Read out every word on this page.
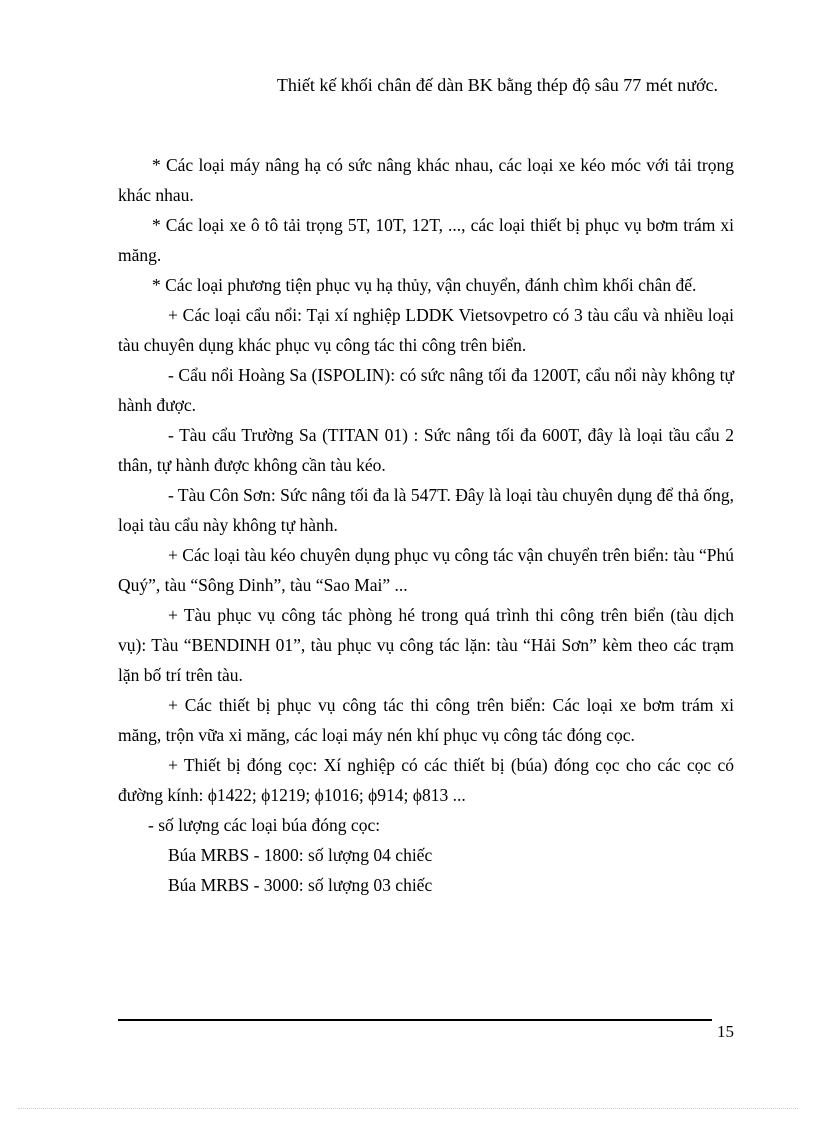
Thiết kế khối chân đế dàn BK bằng thép độ sâu 77 mét nước.

* Các loại máy nâng hạ có sức nâng khác nhau, các loại xe kéo móc với tải trọng khác nhau.

* Các loại xe ô tô tải trọng 5T, 10T, 12T, ..., các loại thiết bị phục vụ bơm trám xi măng.

* Các loại phương tiện phục vụ hạ thủy, vận chuyển, đánh chìm khối chân đế.

+ Các loại cẩu nổi: Tại xí nghiệp LDDK Vietsovpetro có 3 tàu cẩu và nhiều loại tàu chuyên dụng khác phục vụ công tác thi công trên biển.

- Cẩu nổi Hoàng Sa (ISPOLIN): có sức nâng tối đa 1200T, cẩu nổi này không tự hành được.

- Tàu cẩu Trường Sa (TITAN 01) : Sức nâng tối đa 600T, đây là loại tầu cẩu 2 thân, tự hành được không cần tàu kéo.

- Tàu Côn Sơn: Sức nâng tối đa là 547T. Đây là loại tàu chuyên dụng để thả ống, loại tàu cẩu này không tự hành.

+ Các loại tàu kéo chuyên dụng phục vụ công tác vận chuyển trên biển: tàu “Phú Quý”, tàu “Sông Dinh”, tàu “Sao Mai” ...

+ Tàu phục vụ công tác phòng hé trong quá trình thi công trên biển (tàu dịch vụ): Tàu “BENDINH 01”, tàu phục vụ công tác lặn: tàu “Hải Sơn” kèm theo các trạm lặn bố trí trên tàu.

+ Các thiết bị phục vụ công tác thi công trên biển: Các loại xe bơm trám xi măng, trộn vữa xi măng, các loại máy nén khí phục vụ công tác đóng cọc.

+ Thiết bị đóng cọc: Xí nghiệp có các thiết bị (búa) đóng cọc cho các cọc có đường kính: ϕ1422; ϕ1219; ϕ1016; ϕ914; ϕ813 ...

- số lượng các loại búa đóng cọc:

Búa MRBS - 1800: số lượng 04 chiếc
Búa MRBS - 3000: số lượng 03 chiếc
15
